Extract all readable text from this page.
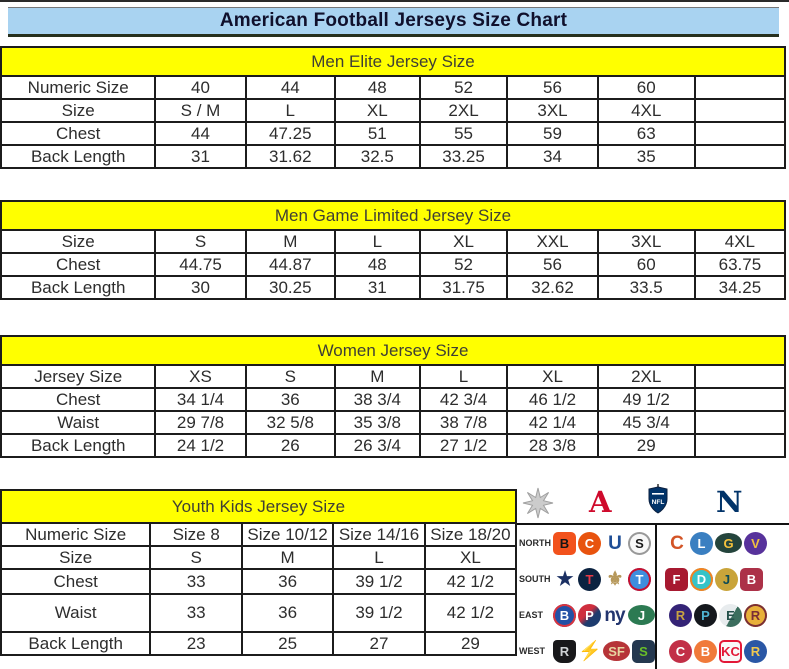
American Football Jerseys Size Chart
Men Elite Jersey Size
Numeric Size	40	44	48	52	56	60	
Size	S / M	L	XL	2XL	3XL	4XL	
Chest	44	47.25	51	55	59	63	
Back Length	31	31.62	32.5	33.25	34	35	
Men Game Limited Jersey Size
Size	S	M	L	XL	XXL	3XL	4XL
Chest	44.75	44.87	48	52	56	60	63.75
Back Length	30	30.25	31	31.75	32.62	33.5	34.25
Women Jersey Size
Jersey Size	XS	S	M	L	XL	2XL	
Chest	34 1/4	36	38 3/4	42 3/4	46 1/2	49 1/2	
Waist	29 7/8	32 5/8	35 3/8	38 7/8	42 1/4	45 3/4	
Back Length	24 1/2	26	26 3/4	27 1/2	28 3/8	29	
Youth Kids Jersey Size
Numeric Size	Size 8	Size 10/12	Size 14/16	Size 18/20
Size	S	M	L	XL
Chest	33	36	39 1/2	42 1/2
Waist	33	36	39 1/2	42 1/2
Back Length	23	25	27	29
A	NFL N
NORTH B	C U	S	C	L	G	V
SOUTH ★	T ⚜	T	F	D	J	B
EAST	B	P ny	J	R	P	E	R
WEST	R ⚡ SF	S	C	B KC R
